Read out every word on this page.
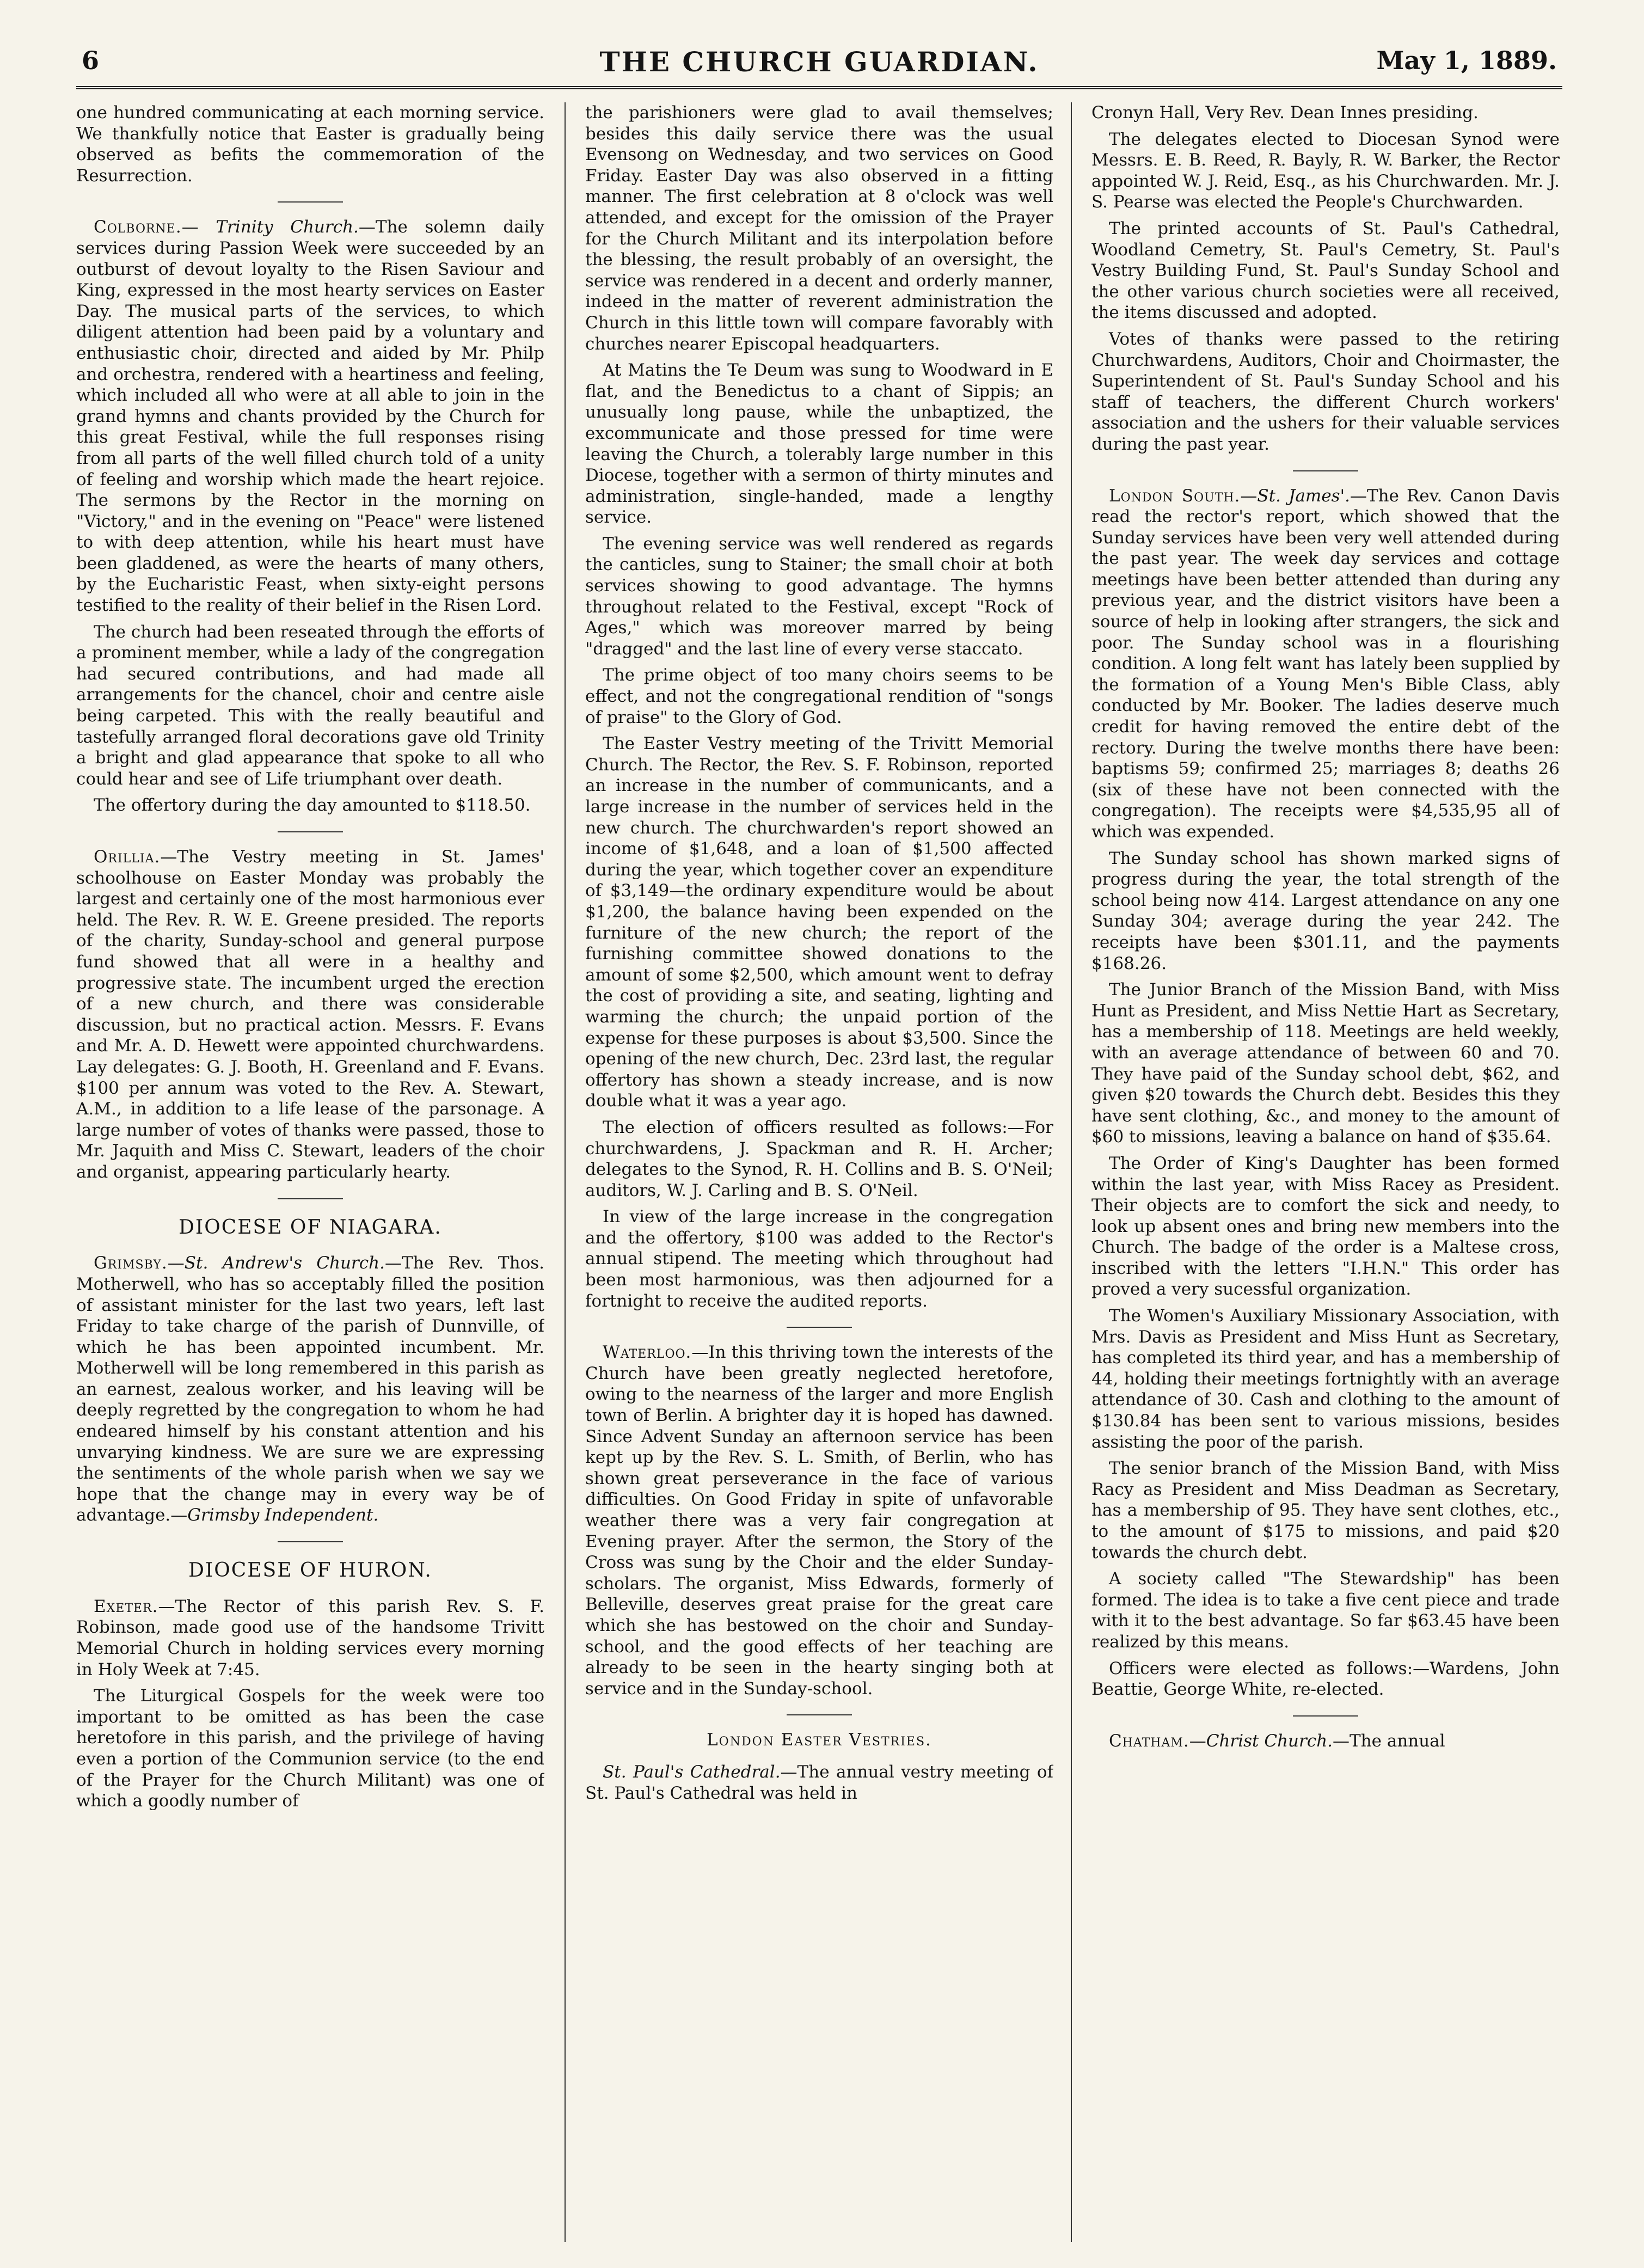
6	THE CHURCH GUARDIAN.	May 1, 1889.

one hundred communicating at each morning service. We thankfully notice that Easter is gradually being observed as befits the commemoration of the Resurrection.

Colborne.— Trinity Church.—The solemn daily services during Passion Week were succeeded by an outburst of devout loyalty to the Risen Saviour and King, expressed in the most hearty services on Easter Day. The musical parts of the services, to which diligent attention had been paid by a voluntary and enthusiastic choir, directed and aided by Mr. Philp and orchestra, rendered with a heartiness and feeling, which included all who were at all able to join in the grand hymns and chants provided by the Church for this great Festival, while the full responses rising from all parts of the well filled church told of a unity of feeling and worship which made the heart rejoice. The sermons by the Rector in the morning on "Victory," and in the evening on "Peace" were listened to with deep attention, while his heart must have been gladdened, as were the hearts of many others, by the Eucharistic Feast, when sixty-eight persons testified to the reality of their belief in the Risen Lord.

The church had been reseated through the efforts of a prominent member, while a lady of the congregation had secured contributions, and had made all arrangements for the chancel, choir and centre aisle being carpeted. This with the really beautiful and tastefully arranged floral decorations gave old Trinity a bright and glad appearance that spoke to all who could hear and see of Life triumphant over death.

The offertory during the day amounted to $118.50.

Orillia.—The Vestry meeting in St. James' schoolhouse on Easter Monday was probably the largest and certainly one of the most harmonious ever held. The Rev. R. W. E. Greene presided. The reports of the charity, Sunday-school and general purpose fund showed that all were in a healthy and progressive state. The incumbent urged the erection of a new church, and there was considerable discussion, but no practical action. Messrs. F. Evans and Mr. A. D. Hewett were appointed churchwardens. Lay delegates: G. J. Booth, H. Greenland and F. Evans. $100 per annum was voted to the Rev. A. Stewart, A.M., in addition to a life lease of the parsonage. A large number of votes of thanks were passed, those to Mr. Jaquith and Miss C. Stewart, leaders of the choir and organist, appearing particularly hearty.

DIOCESE OF NIAGARA.

Grimsby.—St. Andrew's Church.—The Rev. Thos. Motherwell, who has so acceptably filled the position of assistant minister for the last two years, left last Friday to take charge of the parish of Dunnville, of which he has been appointed incumbent. Mr. Motherwell will be long remembered in this parish as an earnest, zealous worker, and his leaving will be deeply regretted by the congregation to whom he had endeared himself by his constant attention and his unvarying kindness. We are sure we are expressing the sentiments of the whole parish when we say we hope that the change may in every way be of advantage.—Grimsby Independent.

DIOCESE OF HURON.

Exeter.—The Rector of this parish Rev. S. F. Robinson, made good use of the handsome Trivitt Memorial Church in holding services every morning in Holy Week at 7:45.

The Liturgical Gospels for the week were too important to be omitted as has been the case heretofore in this parish, and the privilege of having even a portion of the Communion service (to the end of the Prayer for the Church Militant) was one of which a goodly number of

the parishioners were glad to avail themselves; besides this daily service there was the usual Evensong on Wednesday, and two services on Good Friday. Easter Day was also observed in a fitting manner. The first celebration at 8 o'clock was well attended, and except for the omission of the Prayer for the Church Militant and its interpolation before the blessing, the result probably of an oversight, the service was rendered in a decent and orderly manner, indeed in the matter of reverent administration the Church in this little town will compare favorably with churches nearer Episcopal headquarters.

At Matins the Te Deum was sung to Woodward in E flat, and the Benedictus to a chant of Sippis; an unusually long pause, while the unbaptized, the excommunicate and those pressed for time were leaving the Church, a tolerably large number in this Diocese, together with a sermon of thirty minutes and administration, single-handed, made a lengthy service.

The evening service was well rendered as regards the canticles, sung to Stainer; the small choir at both services showing to good advantage. The hymns throughout related to the Festival, except "Rock of Ages," which was moreover marred by being "dragged" and the last line of every verse staccato.

The prime object of too many choirs seems to be effect, and not the congregational rendition of "songs of praise" to the Glory of God.

The Easter Vestry meeting of the Trivitt Memorial Church. The Rector, the Rev. S. F. Robinson, reported an increase in the number of communicants, and a large increase in the number of services held in the new church. The churchwarden's report showed an income of $1,648, and a loan of $1,500 affected during the year, which together cover an expenditure of $3,149—the ordinary expenditure would be about $1,200, the balance having been expended on the furniture of the new church; the report of the furnishing committee showed donations to the amount of some $2,500, which amount went to defray the cost of providing a site, and seating, lighting and warming the church; the unpaid portion of the expense for these purposes is about $3,500. Since the opening of the new church, Dec. 23rd last, the regular offertory has shown a steady increase, and is now double what it was a year ago.

The election of officers resulted as follows:—For churchwardens, J. Spackman and R. H. Archer; delegates to the Synod, R. H. Collins and B. S. O'Neil; auditors, W. J. Carling and B. S. O'Neil.

In view of the large increase in the congregation and the offertory, $100 was added to the Rector's annual stipend. The meeting which throughout had been most harmonious, was then adjourned for a fortnight to receive the audited reports.

Waterloo.—In this thriving town the interests of the Church have been greatly neglected heretofore, owing to the nearness of the larger and more English town of Berlin. A brighter day it is hoped has dawned. Since Advent Sunday an afternoon service has been kept up by the Rev. S. L. Smith, of Berlin, who has shown great perseverance in the face of various difficulties. On Good Friday in spite of unfavorable weather there was a very fair congregation at Evening prayer. After the sermon, the Story of the Cross was sung by the Choir and the elder Sunday-scholars. The organist, Miss Edwards, formerly of Belleville, deserves great praise for the great care which she has bestowed on the choir and Sunday-school, and the good effects of her teaching are already to be seen in the hearty singing both at service and in the Sunday-school.

London Easter Vestries.

St. Paul's Cathedral.—The annual vestry meeting of St. Paul's Cathedral was held in

Cronyn Hall, Very Rev. Dean Innes presiding.

The delegates elected to Diocesan Synod were Messrs. E. B. Reed, R. Bayly, R. W. Barker, the Rector appointed W. J. Reid, Esq., as his Churchwarden. Mr. J. S. Pearse was elected the People's Churchwarden.

The printed accounts of St. Paul's Cathedral, Woodland Cemetry, St. Paul's Cemetry, St. Paul's Vestry Building Fund, St. Paul's Sunday School and the other various church societies were all received, the items discussed and adopted.

Votes of thanks were passed to the retiring Churchwardens, Auditors, Choir and Choirmaster, the Superintendent of St. Paul's Sunday School and his staff of teachers, the different Church workers' association and the ushers for their valuable services during the past year.

London South.—St. James'.—The Rev. Canon Davis read the rector's report, which showed that the Sunday services have been very well attended during the past year. The week day services and cottage meetings have been better attended than during any previous year, and the district visitors have been a source of help in looking after strangers, the sick and poor. The Sunday school was in a flourishing condition. A long felt want has lately been supplied by the formation of a Young Men's Bible Class, ably conducted by Mr. Booker. The ladies deserve much credit for having removed the entire debt of the rectory. During the twelve months there have been: baptisms 59; confirmed 25; marriages 8; deaths 26 (six of these have not been connected with the congregation). The receipts were $4,535,95 all of which was expended.

The Sunday school has shown marked signs of progress during the year, the total strength of the school being now 414. Largest attendance on any one Sunday 304; average during the year 242. The receipts have been $301.11, and the payments $168.26.

The Junior Branch of the Mission Band, with Miss Hunt as President, and Miss Nettie Hart as Secretary, has a membership of 118. Meetings are held weekly, with an average attendance of between 60 and 70. They have paid of the Sunday school debt, $62, and given $20 towards the Church debt. Besides this they have sent clothing, &c., and money to the amount of $60 to missions, leaving a balance on hand of $35.64.

The Order of King's Daughter has been formed within the last year, with Miss Racey as President. Their objects are to comfort the sick and needy, to look up absent ones and bring new members into the Church. The badge of the order is a Maltese cross, inscribed with the letters "I.H.N." This order has proved a very sucessful organization.

The Women's Auxiliary Missionary Association, with Mrs. Davis as President and Miss Hunt as Secretary, has completed its third year, and has a membership of 44, holding their meetings fortnightly with an average attendance of 30. Cash and clothing to the amount of $130.84 has been sent to various missions, besides assisting the poor of the parish.

The senior branch of the Mission Band, with Miss Racy as President and Miss Deadman as Secretary, has a membership of 95. They have sent clothes, etc., to the amount of $175 to missions, and paid $20 towards the church debt.

A society called "The Stewardship" has been formed. The idea is to take a five cent piece and trade with it to the best advantage. So far $63.45 have been realized by this means.

Officers were elected as follows:—Wardens, John Beattie, George White, re-elected.

Chatham.—Christ Church.—The annual
